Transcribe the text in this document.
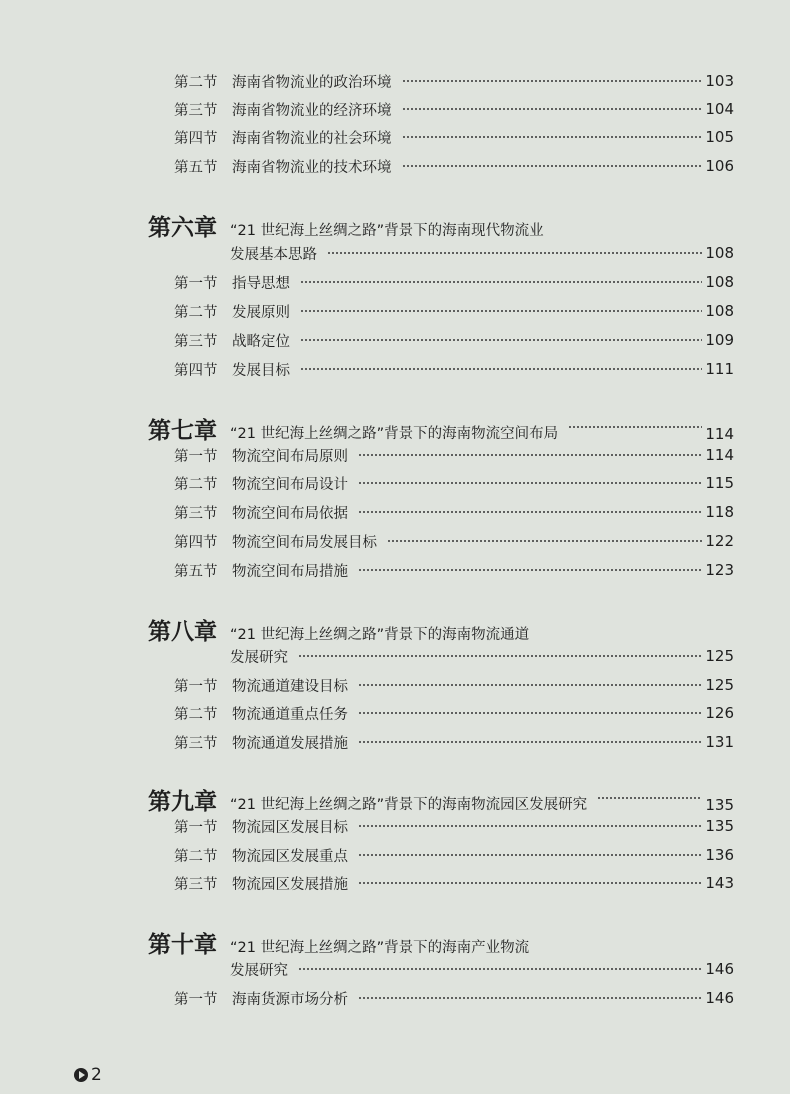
第二节	海南省物流业的政治环境	103
第三节	海南省物流业的经济环境	104
第四节	海南省物流业的社会环境	105
第五节	海南省物流业的技术环境	106
第六章 “21 世纪海上丝绸之路”背景下的海南现代物流业
发展基本思路	108
第一节	指导思想	108
第二节	发展原则	108
第三节	战略定位	109
第四节	发展目标	111
第七章 “21 世纪海上丝绸之路”背景下的海南物流空间布局	114
第一节	物流空间布局原则	114
第二节	物流空间布局设计	115
第三节	物流空间布局依据	118
第四节	物流空间布局发展目标	122
第五节	物流空间布局措施	123
第八章 “21 世纪海上丝绸之路”背景下的海南物流通道
发展研究	125
第一节	物流通道建设目标	125
第二节	物流通道重点任务	126
第三节	物流通道发展措施	131
第九章 “21 世纪海上丝绸之路”背景下的海南物流园区发展研究	135
第一节	物流园区发展目标	135
第二节	物流园区发展重点	136
第三节	物流园区发展措施	143
第十章 “21 世纪海上丝绸之路”背景下的海南产业物流
发展研究	146
第一节	海南货源市场分析	146
2
